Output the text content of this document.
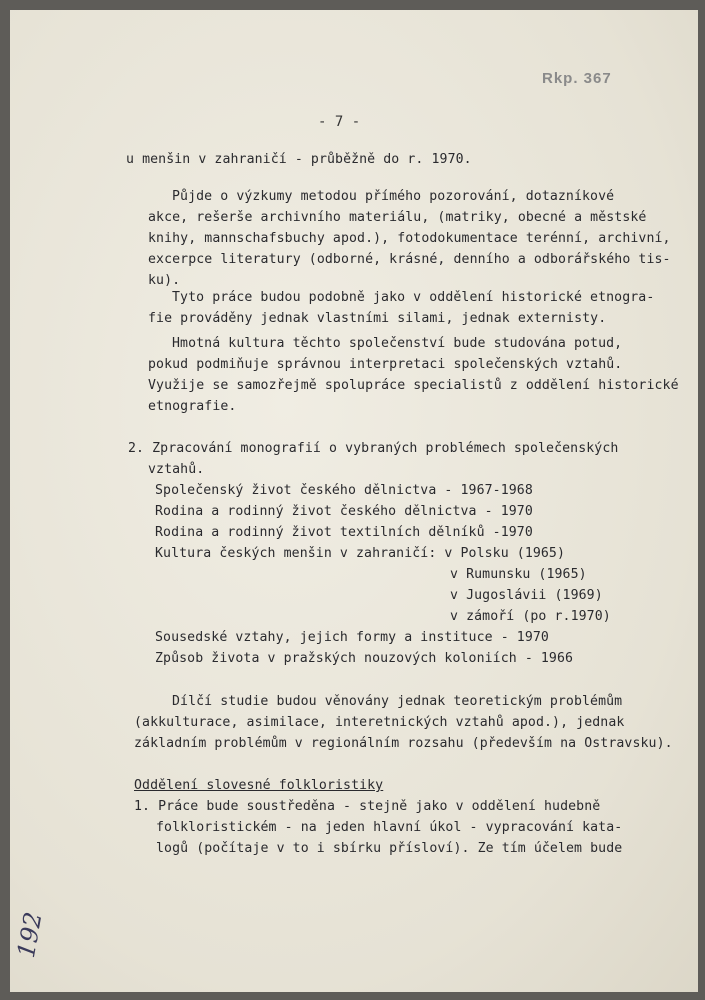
Rkp. 367
- 7 -
u menšin v zahraničí - průběžně do r. 1970.
Půjde o výzkumy metodou přímého pozorování, dotazníkové
akce, rešerše archivního materiálu, (matriky, obecné a městské
knihy, mannschafsbuchy apod.), fotodokumentace terénní, archivní,
excerpce literatury (odborné, krásné, denního a odborářského tis-
ku).
Tyto práce budou podobně jako v oddělení historické etnogra-
fie prováděny jednak vlastními silami, jednak externisty.
Hmotná kultura těchto společenství bude studována potud,
pokud podmiňuje správnou interpretaci společenských vztahů.
Využije se samozřejmě spolupráce specialistů z oddělení historické
etnografie.
2. Zpracování monografií o vybraných problémech společenských
vztahů.
Společenský život českého dělnictva - 1967-1968
Rodina a rodinný život českého dělnictva - 1970
Rodina a rodinný život textilních dělníků -1970
Kultura českých menšin v zahraničí: v Polsku (1965)
v Rumunsku (1965)
v Jugoslávii (1969)
v zámoří (po r.1970)
Sousedské vztahy, jejich formy a instituce - 1970
Způsob života v pražských nouzových koloniích - 1966
Dílčí studie budou věnovány jednak teoretickým problémům
(akkulturace, asimilace, interetnických vztahů apod.), jednak
základním problémům v regionálním rozsahu (především na Ostravsku).
Oddělení slovesné folkloristiky
1. Práce bude soustředěna - stejně jako v oddělení hudebně
folkloristickém - na jeden hlavní úkol - vypracování kata-
logů (počítaje v to i sbírku přísloví). Ze tím účelem bude
192
